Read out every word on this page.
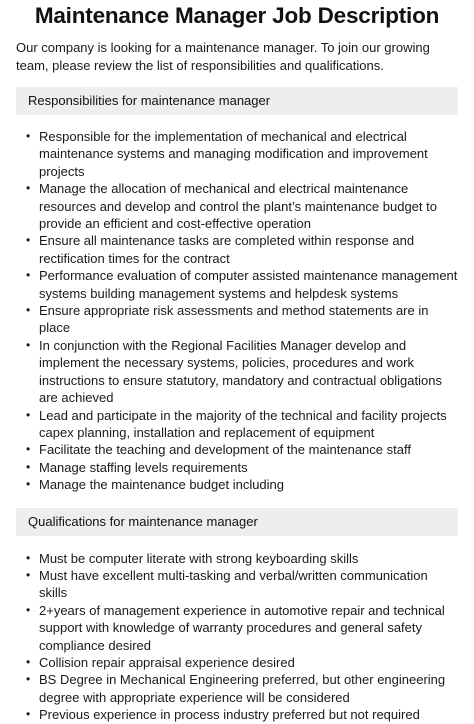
Maintenance Manager Job Description

Our company is looking for a maintenance manager. To join our growing team, please review the list of responsibilities and qualifications.

Responsibilities for maintenance manager
• Responsible for the implementation of mechanical and electrical maintenance systems and managing modification and improvement projects
• Manage the allocation of mechanical and electrical maintenance resources and develop and control the plant’s maintenance budget to provide an efficient and cost-effective operation
• Ensure all maintenance tasks are completed within response and rectification times for the contract
• Performance evaluation of computer assisted maintenance management systems building management systems and helpdesk systems
• Ensure appropriate risk assessments and method statements are in place
• In conjunction with the Regional Facilities Manager develop and implement the necessary systems, policies, procedures and work instructions to ensure statutory, mandatory and contractual obligations are achieved
• Lead and participate in the majority of the technical and facility projects capex planning, installation and replacement of equipment
• Facilitate the teaching and development of the maintenance staff
• Manage staffing levels requirements
• Manage the maintenance budget including
Qualifications for maintenance manager
• Must be computer literate with strong keyboarding skills
• Must have excellent multi-tasking and verbal/written communication skills
• 2+years of management experience in automotive repair and technical support with knowledge of warranty procedures and general safety compliance desired
• Collision repair appraisal experience desired
• BS Degree in Mechanical Engineering preferred, but other engineering degree with appropriate experience will be considered
• Previous experience in process industry preferred but not required
